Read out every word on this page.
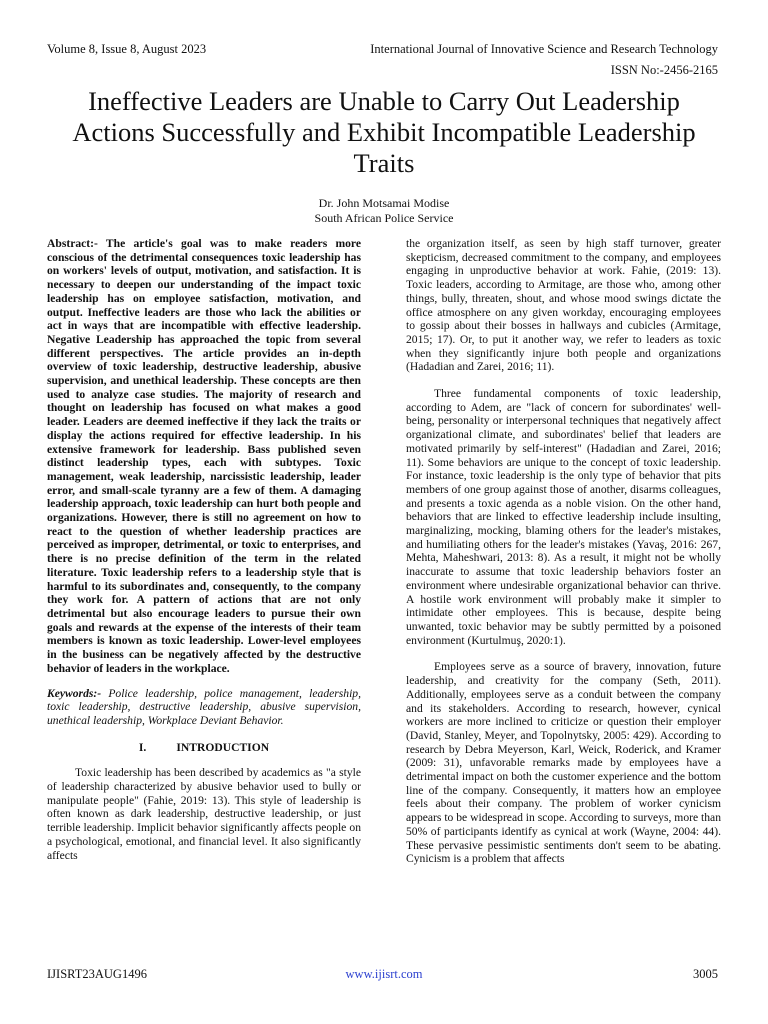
Volume 8, Issue 8, August 2023	International Journal of Innovative Science and Research Technology
ISSN No:-2456-2165
Ineffective Leaders are Unable to Carry Out Leadership Actions Successfully and Exhibit Incompatible Leadership Traits
Dr. John Motsamai Modise
South African Police Service

Abstract:- The article's goal was to make readers more conscious of the detrimental consequences toxic leadership has on workers' levels of output, motivation, and satisfaction. It is necessary to deepen our understanding of the impact toxic leadership has on employee satisfaction, motivation, and output. Ineffective leaders are those who lack the abilities or act in ways that are incompatible with effective leadership. Negative Leadership has approached the topic from several different perspectives. The article provides an in-depth overview of toxic leadership, destructive leadership, abusive supervision, and unethical leadership. These concepts are then used to analyze case studies. The majority of research and thought on leadership has focused on what makes a good leader. Leaders are deemed ineffective if they lack the traits or display the actions required for effective leadership. In his extensive framework for leadership. Bass published seven distinct leadership types, each with subtypes. Toxic management, weak leadership, narcissistic leadership, leader error, and small-scale tyranny are a few of them. A damaging leadership approach, toxic leadership can hurt both people and organizations. However, there is still no agreement on how to react to the question of whether leadership practices are perceived as improper, detrimental, or toxic to enterprises, and there is no precise definition of the term in the related literature. Toxic leadership refers to a leadership style that is harmful to its subordinates and, consequently, to the company they work for. A pattern of actions that are not only detrimental but also encourage leaders to pursue their own goals and rewards at the expense of the interests of their team members is known as toxic leadership. Lower-level employees in the business can be negatively affected by the destructive behavior of leaders in the workplace.

Keywords:- Police leadership, police management, leadership, toxic leadership, destructive leadership, abusive supervision, unethical leadership, Workplace Deviant Behavior.

I.	INTRODUCTION

Toxic leadership has been described by academics as "a style of leadership characterized by abusive behavior used to bully or manipulate people" (Fahie, 2019: 13). This style of leadership is often known as dark leadership, destructive leadership, or just terrible leadership. Implicit behavior significantly affects people on a psychological, emotional, and financial level. It also significantly affects

the organization itself, as seen by high staff turnover, greater skepticism, decreased commitment to the company, and employees engaging in unproductive behavior at work. Fahie, (2019: 13). Toxic leaders, according to Armitage, are those who, among other things, bully, threaten, shout, and whose mood swings dictate the office atmosphere on any given workday, encouraging employees to gossip about their bosses in hallways and cubicles (Armitage, 2015; 17). Or, to put it another way, we refer to leaders as toxic when they significantly injure both people and organizations (Hadadian and Zarei, 2016; 11).

Three fundamental components of toxic leadership, according to Adem, are "lack of concern for subordinates' well-being, personality or interpersonal techniques that negatively affect organizational climate, and subordinates' belief that leaders are motivated primarily by self-interest" (Hadadian and Zarei, 2016; 11). Some behaviors are unique to the concept of toxic leadership. For instance, toxic leadership is the only type of behavior that pits members of one group against those of another, disarms colleagues, and presents a toxic agenda as a noble vision. On the other hand, behaviors that are linked to effective leadership include insulting, marginalizing, mocking, blaming others for the leader's mistakes, and humiliating others for the leader's mistakes (Yavaş, 2016: 267, Mehta, Maheshwari, 2013: 8). As a result, it might not be wholly inaccurate to assume that toxic leadership behaviors foster an environment where undesirable organizational behavior can thrive. A hostile work environment will probably make it simpler to intimidate other employees. This is because, despite being unwanted, toxic behavior may be subtly permitted by a poisoned environment (Kurtulmuş, 2020:1).

Employees serve as a source of bravery, innovation, future leadership, and creativity for the company (Seth, 2011). Additionally, employees serve as a conduit between the company and its stakeholders. According to research, however, cynical workers are more inclined to criticize or question their employer (David, Stanley, Meyer, and Topolnytsky, 2005: 429). According to research by Debra Meyerson, Karl, Weick, Roderick, and Kramer (2009: 31), unfavorable remarks made by employees have a detrimental impact on both the customer experience and the bottom line of the company. Consequently, it matters how an employee feels about their company. The problem of worker cynicism appears to be widespread in scope. According to surveys, more than 50% of participants identify as cynical at work (Wayne, 2004: 44). These pervasive pessimistic sentiments don't seem to be abating. Cynicism is a problem that affects

IJISRT23AUG1496	www.ijisrt.com	3005
